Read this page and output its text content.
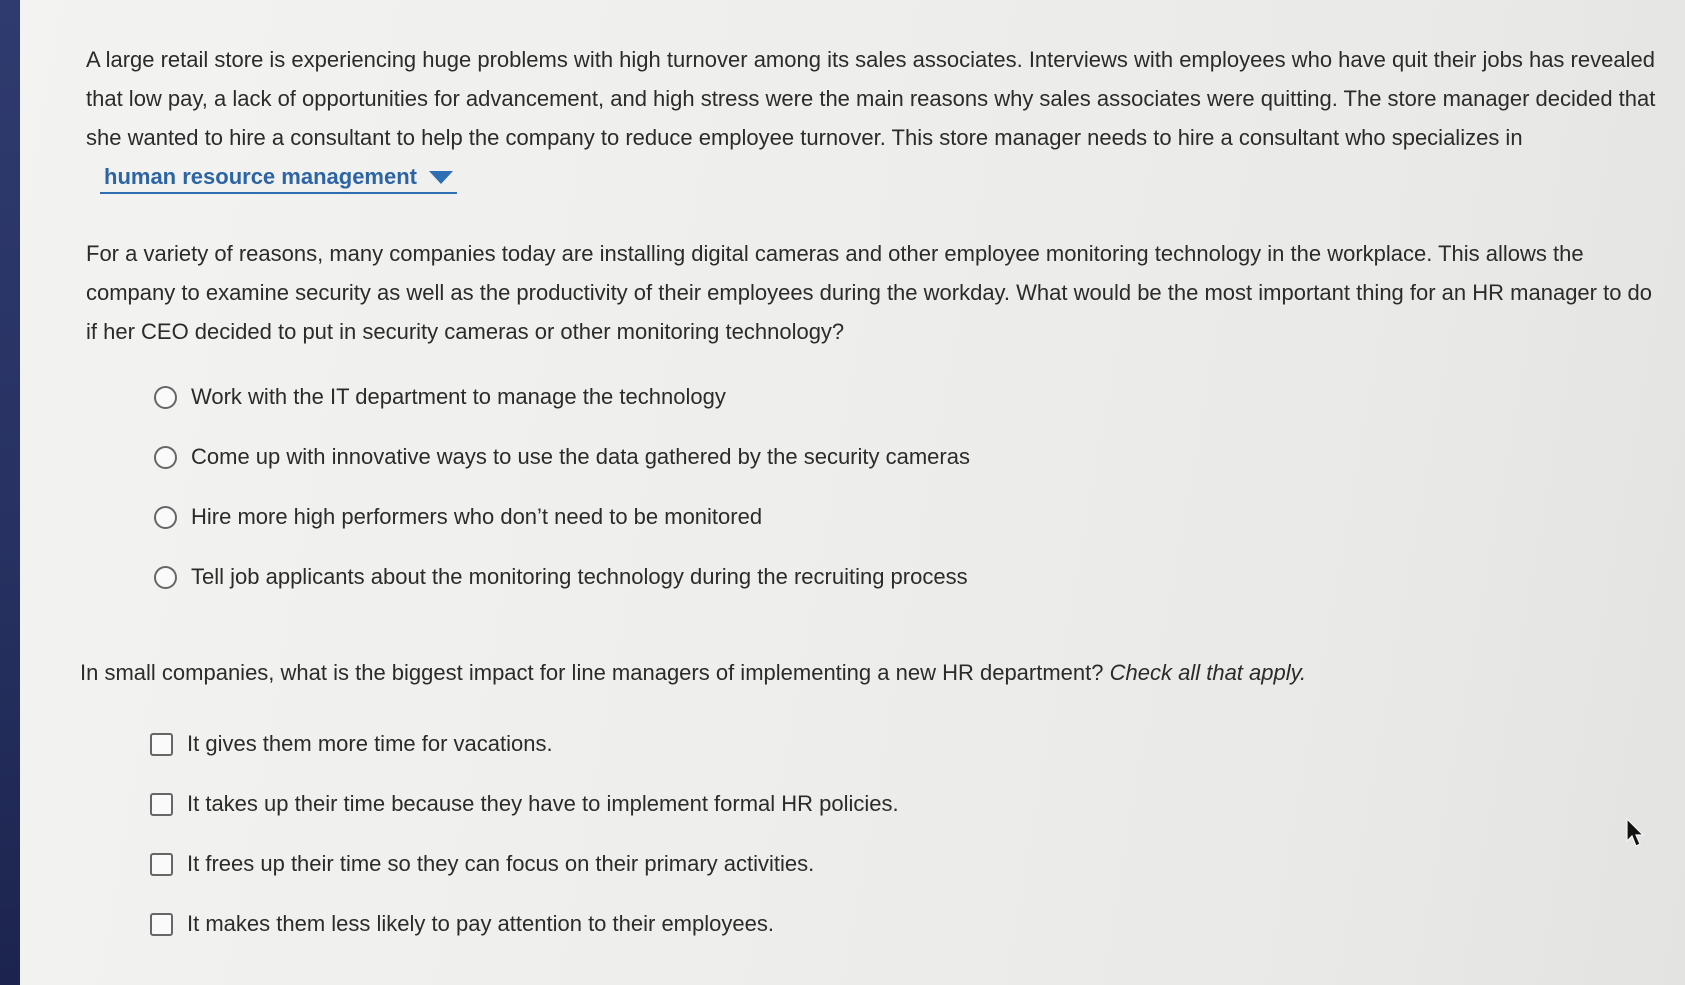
A large retail store is experiencing huge problems with high turnover among its sales associates. Interviews with employees who have quit their jobs has revealed that low pay, a lack of opportunities for advancement, and high stress were the main reasons why sales associates were quitting. The store manager decided that she wanted to hire a consultant to help the company to reduce employee turnover. This store manager needs to hire a consultant who specializes in
human resource management

For a variety of reasons, many companies today are installing digital cameras and other employee monitoring technology in the workplace. This allows the company to examine security as well as the productivity of their employees during the workday. What would be the most important thing for an HR manager to do if her CEO decided to put in security cameras or other monitoring technology?

Work with the IT department to manage the technology
Come up with innovative ways to use the data gathered by the security cameras
Hire more high performers who don’t need to be monitored
Tell job applicants about the monitoring technology during the recruiting process

In small companies, what is the biggest impact for line managers of implementing a new HR department? Check all that apply.

It gives them more time for vacations.
It takes up their time because they have to implement formal HR policies.
It frees up their time so they can focus on their primary activities.
It makes them less likely to pay attention to their employees.
